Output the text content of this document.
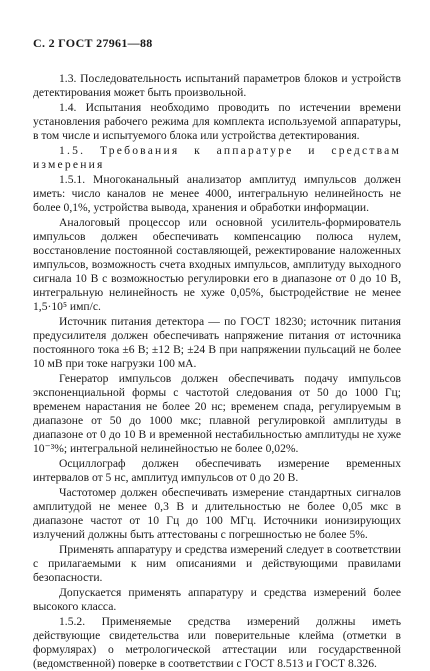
С. 2 ГОСТ 27961—88

1.3. Последовательность испытаний параметров блоков и устройств детектирования может быть произвольной.

1.4. Испытания необходимо проводить по истечении времени установления рабочего режима для комплекта используемой аппаратуры, в том числе и испытуемого блока или устройства детектирования.

1.5. Требования к аппаратуре и средствам измерения

1.5.1. Многоканальный анализатор амплитуд импульсов должен иметь: число каналов не менее 4000, интегральную нелинейность не более 0,1%, устройства вывода, хранения и обработки информации.

Аналоговый процессор или основной усилитель-формирователь импульсов должен обеспечивать компенсацию полюса нулем, восстановление постоянной составляющей, режектирование наложенных импульсов, возможность счета входных импульсов, амплитуду выходного сигнала 10 В с возможностью регулировки его в диапазоне от 0 до 10 В, интегральную нелинейность не хуже 0,05%, быстродействие не менее 1,5·10⁵ имп/с.

Источник питания детектора — по ГОСТ 18230; источник питания предусилителя должен обеспечивать напряжение питания от источника постоянного тока ±6 В; ±12 В; ±24 В при напряжении пульсаций не более 10 мВ при токе нагрузки 100 мА.

Генератор импульсов должен обеспечивать подачу импульсов экспоненциальной формы с частотой следования от 50 до 1000 Гц; временем нарастания не более 20 нс; временем спада, регулируемым в диапазоне от 50 до 1000 мкс; плавной регулировкой амплитуды в диапазоне от 0 до 10 В и временной нестабильностью амплитуды не хуже 10⁻³%; интегральной нелинейностью не более 0,02%.

Осциллограф должен обеспечивать измерение временных интервалов от 5 нс, амплитуд импульсов от 0 до 20 В.

Частотомер должен обеспечивать измерение стандартных сигналов амплитудой не менее 0,3 В и длительностью не более 0,05 мкс в диапазоне частот от 10 Гц до 100 МГц. Источники ионизирующих излучений должны быть аттестованы с погрешностью не более 5%.

Применять аппаратуру и средства измерений следует в соответствии с прилагаемыми к ним описаниями и действующими правилами безопасности.

Допускается применять аппаратуру и средства измерений более высокого класса.

1.5.2. Применяемые средства измерений должны иметь действующие свидетельства или поверительные клейма (отметки в формулярах) о метрологической аттестации или государственной (ведомственной) поверке в соответствии с ГОСТ 8.513 и ГОСТ 8.326.
